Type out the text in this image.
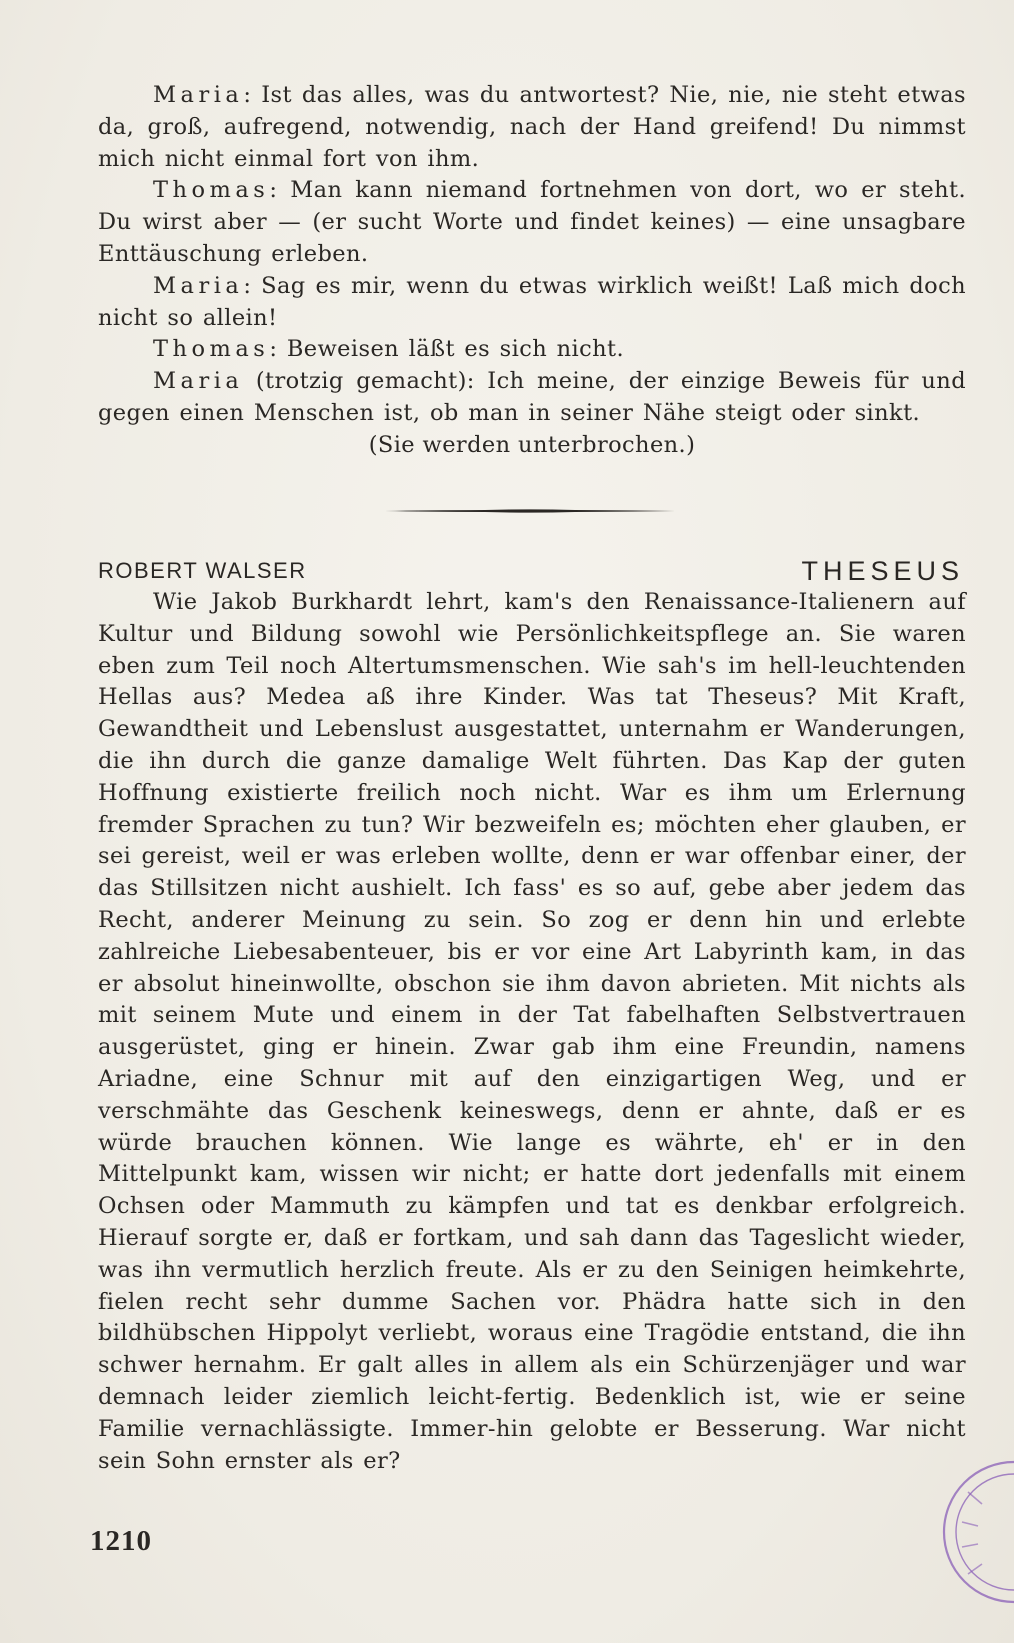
Maria: Ist das alles, was du antwortest? Nie, nie, nie steht etwas da, groß, aufregend, notwendig, nach der Hand greifend! Du nimmst mich nicht einmal fort von ihm.

Thomas: Man kann niemand fortnehmen von dort, wo er steht. Du wirst aber — (er sucht Worte und findet keines) — eine unsagbare Enttäuschung erleben.

Maria: Sag es mir, wenn du etwas wirklich weißt! Laß mich doch nicht so allein!

Thomas: Beweisen läßt es sich nicht.

Maria (trotzig gemacht): Ich meine, der einzige Beweis für und gegen einen Menschen ist, ob man in seiner Nähe steigt oder sinkt.

(Sie werden unterbrochen.)

ROBERT WALSER	THESEUS

Wie Jakob Burkhardt lehrt, kam's den Renaissance-Italienern auf Kultur und Bildung sowohl wie Persönlichkeitspflege an. Sie waren eben zum Teil noch Altertumsmenschen. Wie sah's im hell-leuchtenden Hellas aus? Medea aß ihre Kinder. Was tat Theseus? Mit Kraft, Gewandtheit und Lebenslust ausgestattet, unternahm er Wanderungen, die ihn durch die ganze damalige Welt führten. Das Kap der guten Hoffnung existierte freilich noch nicht. War es ihm um Erlernung fremder Sprachen zu tun? Wir bezweifeln es; möchten eher glauben, er sei gereist, weil er was erleben wollte, denn er war offenbar einer, der das Stillsitzen nicht aushielt. Ich fass' es so auf, gebe aber jedem das Recht, anderer Meinung zu sein. So zog er denn hin und erlebte zahlreiche Liebesabenteuer, bis er vor eine Art Labyrinth kam, in das er absolut hineinwollte, obschon sie ihm davon abrieten. Mit nichts als mit seinem Mute und einem in der Tat fabelhaften Selbstvertrauen ausgerüstet, ging er hinein. Zwar gab ihm eine Freundin, namens Ariadne, eine Schnur mit auf den einzigartigen Weg, und er verschmähte das Geschenk keineswegs, denn er ahnte, daß er es würde brauchen können. Wie lange es währte, eh' er in den Mittelpunkt kam, wissen wir nicht; er hatte dort jedenfalls mit einem Ochsen oder Mammuth zu kämpfen und tat es denkbar erfolgreich. Hierauf sorgte er, daß er fortkam, und sah dann das Tageslicht wieder, was ihn vermutlich herzlich freute. Als er zu den Seinigen heimkehrte, fielen recht sehr dumme Sachen vor. Phädra hatte sich in den bildhübschen Hippolyt verliebt, woraus eine Tragödie entstand, die ihn schwer hernahm. Er galt alles in allem als ein Schürzenjäger und war demnach leider ziemlich leicht-fertig. Bedenklich ist, wie er seine Familie vernachlässigte. Immer-hin gelobte er Besserung. War nicht sein Sohn ernster als er?

1210
